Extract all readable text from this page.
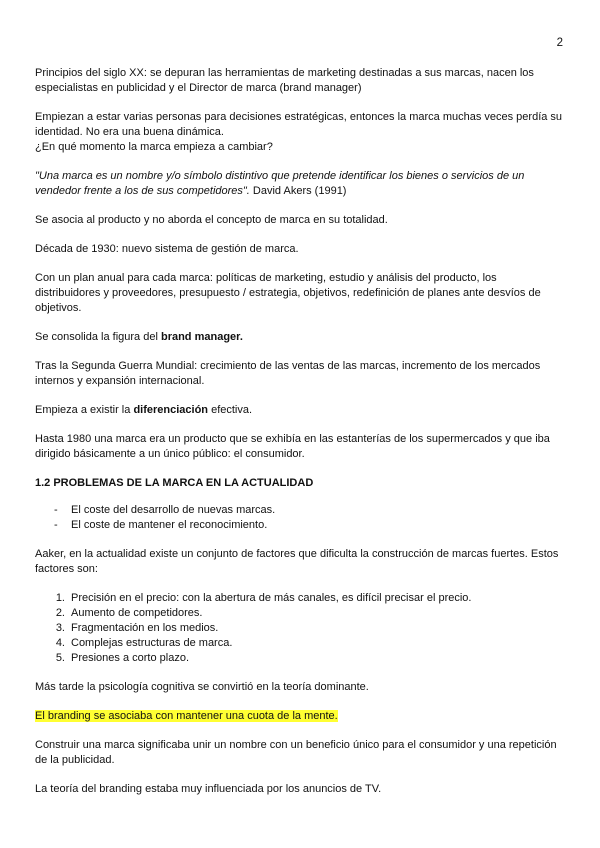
2

Principios del siglo XX: se depuran las herramientas de marketing destinadas a sus marcas, nacen los especialistas en publicidad y el Director de marca (brand manager)

Empiezan a estar varias personas para decisiones estratégicas, entonces la marca muchas veces perdía su identidad. No era una buena dinámica.
¿En qué momento la marca empieza a cambiar?

"Una marca es un nombre y/o símbolo distintivo que pretende identificar los bienes o servicios de un vendedor frente a los de sus competidores". David Akers (1991)

Se asocia al producto y no aborda el concepto de marca en su totalidad.

Década de 1930: nuevo sistema de gestión de marca.

Con un plan anual para cada marca: políticas de marketing, estudio y análisis del producto, los distribuidores y proveedores, presupuesto / estrategia, objetivos, redefinición de planes ante desvíos de objetivos.

Se consolida la figura del brand manager.

Tras la Segunda Guerra Mundial: crecimiento de las ventas de las marcas, incremento de los mercados internos y expansión internacional.

Empieza a existir la diferenciación efectiva.

Hasta 1980 una marca era un producto que se exhibía en las estanterías de los supermercados y que iba dirigido básicamente a un único público: el consumidor.

1.2 PROBLEMAS DE LA MARCA EN LA ACTUALIDAD
- El coste del desarrollo de nuevas marcas.
- El coste de mantener el reconocimiento.

Aaker, en la actualidad existe un conjunto de factores que dificulta la construcción de marcas fuertes. Estos factores son:

1. Precisión en el precio: con la abertura de más canales, es difícil precisar el precio.
2. Aumento de competidores.
3. Fragmentación en los medios.
4. Complejas estructuras de marca.
5. Presiones a corto plazo.

Más tarde la psicología cognitiva se convirtió en la teoría dominante.

El branding se asociaba con mantener una cuota de la mente.

Construir una marca significaba unir un nombre con un beneficio único para el consumidor y una repetición de la publicidad.

La teoría del branding estaba muy influenciada por los anuncios de TV.
